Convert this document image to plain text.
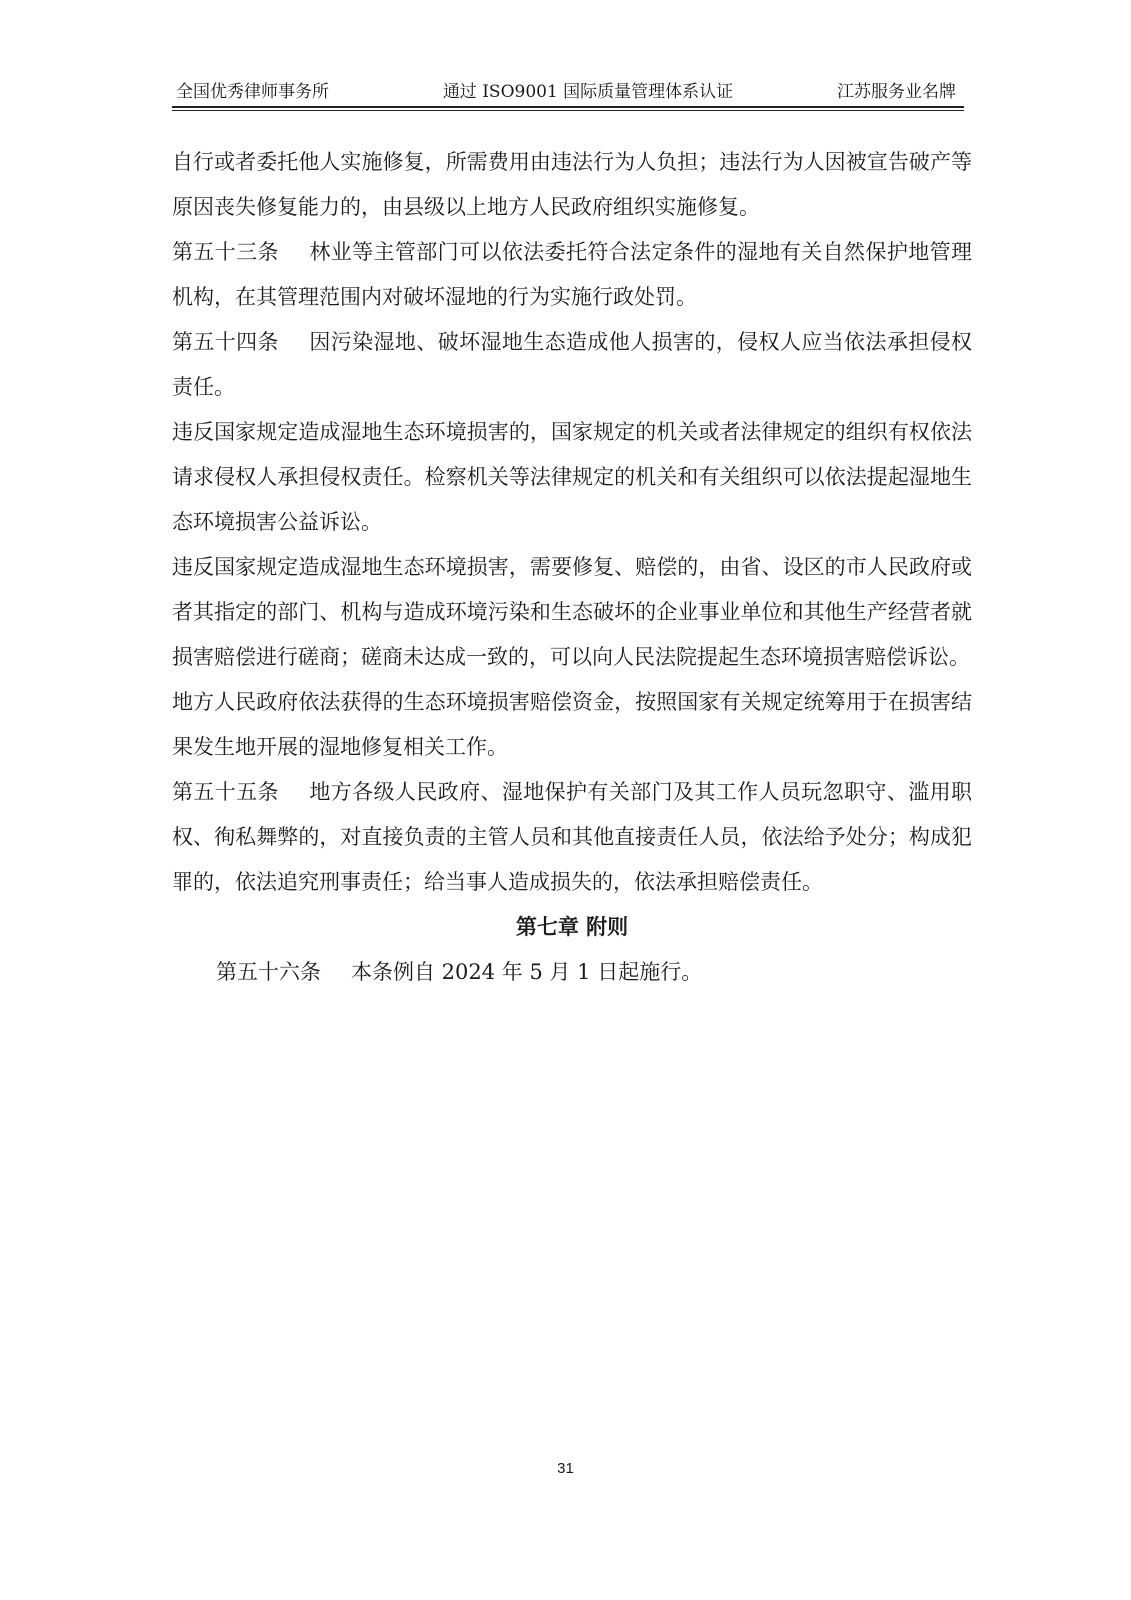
全国优秀律师事务所	通过 ISO9001 国际质量管理体系认证	江苏服务业名牌

自行或者委托他人实施修复，所需费用由违法行为人负担；违法行为人因被宣告破产等原因丧失修复能力的，由县级以上地方人民政府组织实施修复。

第五十三条 林业等主管部门可以依法委托符合法定条件的湿地有关自然保护地管理机构，在其管理范围内对破坏湿地的行为实施行政处罚。

第五十四条 因污染湿地、破坏湿地生态造成他人损害的，侵权人应当依法承担侵权责任。

违反国家规定造成湿地生态环境损害的，国家规定的机关或者法律规定的组织有权依法请求侵权人承担侵权责任。检察机关等法律规定的机关和有关组织可以依法提起湿地生态环境损害公益诉讼。

违反国家规定造成湿地生态环境损害，需要修复、赔偿的，由省、设区的市人民政府或者其指定的部门、机构与造成环境污染和生态破坏的企业事业单位和其他生产经营者就损害赔偿进行磋商；磋商未达成一致的，可以向人民法院提起生态环境损害赔偿诉讼。

地方人民政府依法获得的生态环境损害赔偿资金，按照国家有关规定统筹用于在损害结果发生地开展的湿地修复相关工作。

第五十五条 地方各级人民政府、湿地保护有关部门及其工作人员玩忽职守、滥用职权、徇私舞弊的，对直接负责的主管人员和其他直接责任人员，依法给予处分；构成犯罪的，依法追究刑事责任；给当事人造成损失的，依法承担赔偿责任。

第七章 附则

第五十六条 本条例自 2024 年 5 月 1 日起施行。

31
